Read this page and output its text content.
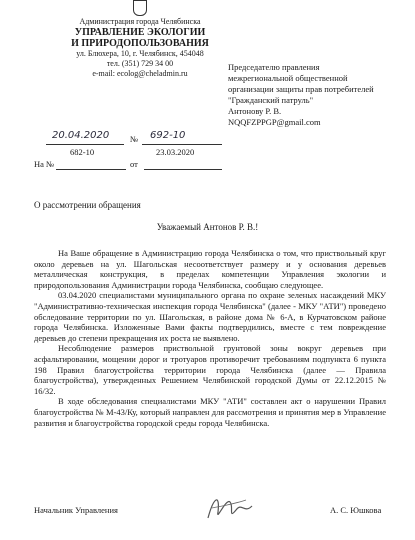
Администрация города Челябинска
УПРАВЛЕНИЕ ЭКОЛОГИИ
И ПРИРОДОПОЛЬЗОВАНИЯ
ул. Блюхера, 10, г. Челябинск, 454048
тел. (351) 729 34 00
e-mail: ecolog@cheladmin.ru
20.04.2020 № 692-10
682-10	23.03.2020
На №	от
Председателю правления
межрегиональной общественной
организации защиты прав потребителей
"Гражданский патруль"
Антонову Р. В.
NQQFZPPGP@gmail.com
О рассмотрении обращения
Уважаемый Антонов Р. В.!

На Ваше обращение в Администрацию города Челябинска о том, что приствольный круг около деревьев на ул. Шагольская несоответствует размеру и у основания деревьев металлическая конструкция, в пределах компетенции Управления экологии и природопользования Администрации города Челябинска, сообщаю следующее.

03.04.2020 специалистами муниципального органа по охране зеленых насаждений МКУ "Административно-техническая инспекция города Челябинска" (далее - МКУ "АТИ") проведено обследование территории по ул. Шагольская, в районе дома № 6-А, в Курчатовском районе города Челябинска. Изложенные Вами факты подтвердились, вместе с тем повреждение деревьев до степени прекращения их роста не выявлено.

Несоблюдение размеров приствольной грунтовой зоны вокруг деревьев при асфальтировании, мощении дорог и тротуаров противоречит требованиям подпункта 6 пункта 198 Правил благоустройства территории города Челябинска (далее — Правила благоустройства), утвержденных Решением Челябинской городской Думы от 22.12.2015 № 16/32.

В ходе обследования специалистами МКУ "АТИ" составлен акт о нарушении Правил благоустройства № М-43/Ку, который направлен для рассмотрения и принятия мер в Управление развития и благоустройства городской среды города Челябинска.

Начальник Управления	А. С. Юшкова
